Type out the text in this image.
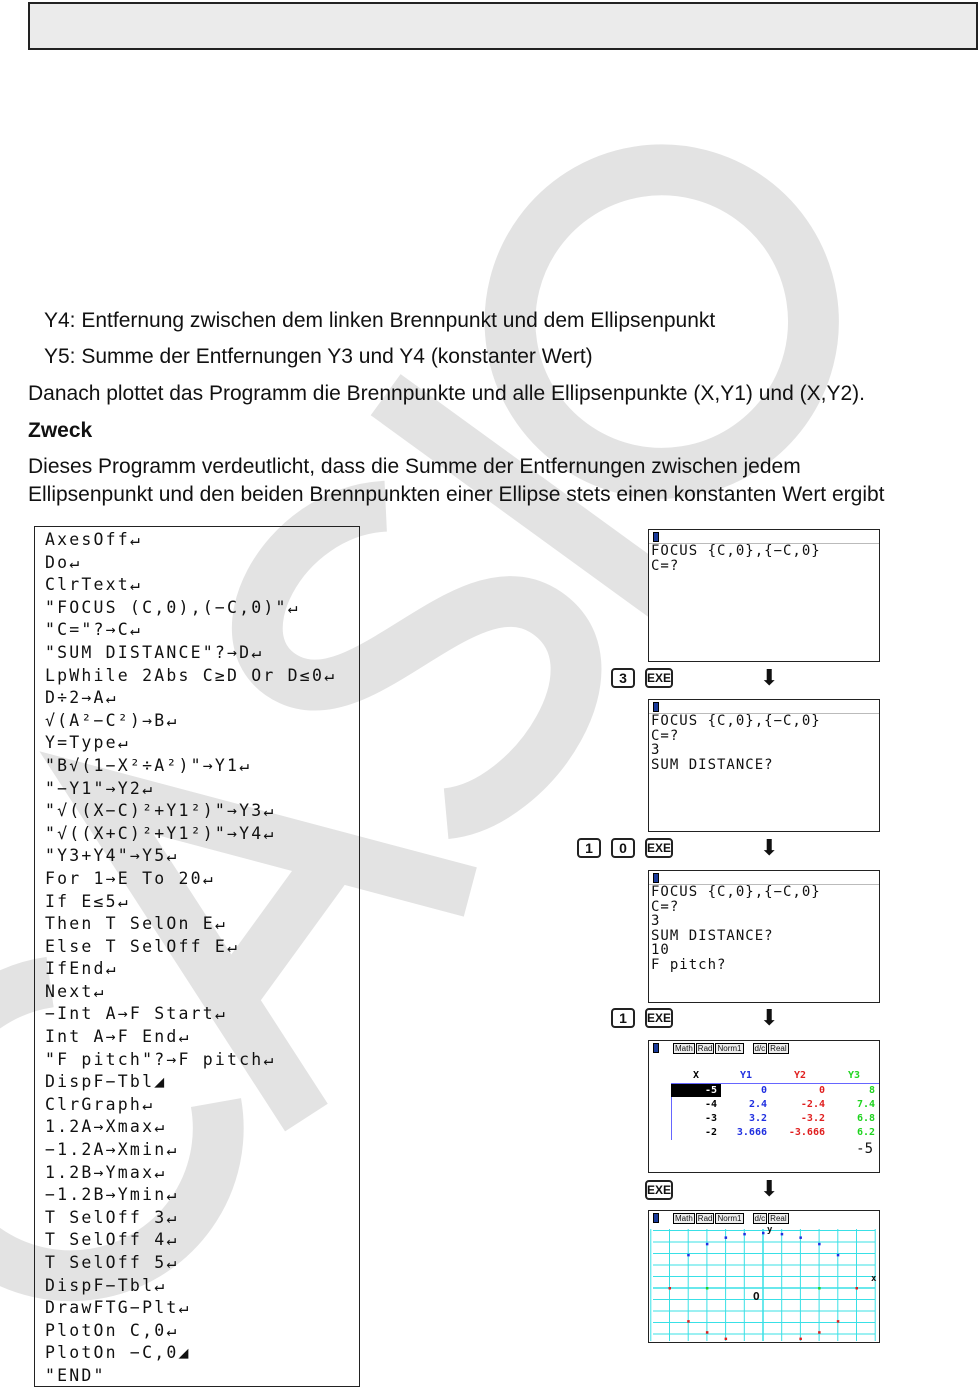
Y4: Entfernung zwischen dem linken Brennpunkt und dem Ellipsenpunkt
Y5: Summe der Entfernungen Y3 und Y4 (konstanter Wert)
Danach plottet das Programm die Brennpunkte und alle Ellipsenpunkte (X,Y1) und (X,Y2).
Zweck
Dieses Programm verdeutlicht, dass die Summe der Entfernungen zwischen jedem
Ellipsenpunkt und den beiden Brennpunkten einer Ellipse stets einen konstanten Wert ergibt
AxesOff↵
Do↵
ClrText↵
"FOCUS (C,0),(−C,0)"↵
"C="?→C↵
"SUM DISTANCE"?→D↵
LpWhile 2Abs C≥D Or D≤0↵
D÷2→A↵
√(A²−C²)→B↵
Y=Type↵
"B√(1−X²÷A²)"→Y1↵
"−Y1"→Y2↵
"√((X−C)²+Y1²)"→Y3↵
"√((X+C)²+Y1²)"→Y4↵
"Y3+Y4"→Y5↵
For 1→E To 20↵
If E≤5↵
Then T SelOn E↵
Else T SelOff E↵
IfEnd↵
Next↵
−Int A→F Start↵
Int A→F End↵
"F pitch"?→F pitch↵
DispF−Tbl◢
ClrGraph↵
1.2A→Xmax↵
−1.2A→Xmin↵
1.2B→Ymax↵
−1.2B→Ymin↵
T SelOff 3↵
T SelOff 4↵
T SelOff 5↵
DispF−Tbl↵
DrawFTG−Plt↵
PlotOn C,0↵
PlotOn −C,0◢
"END"
FOCUS {C,0},{−C,0}
C=?
3	EXE	⬇
FOCUS {C,0},{−C,0}
C=?
3
SUM DISTANCE?
1	0	EXE	⬇
FOCUS {C,0},{−C,0}
C=?
3
SUM DISTANCE?
10
F pitch?
1	EXE	⬇
Math Rad Norm1 d/c Real
X	Y1	Y2	Y3
-5	0	0	8
-4	2.4	-2.4	7.4
-3	3.2	-3.2	6.8
-2	3.666	-3.666	6.2
-5
EXE	⬇
Math Rad Norm1 d/c Real
y
x
O
